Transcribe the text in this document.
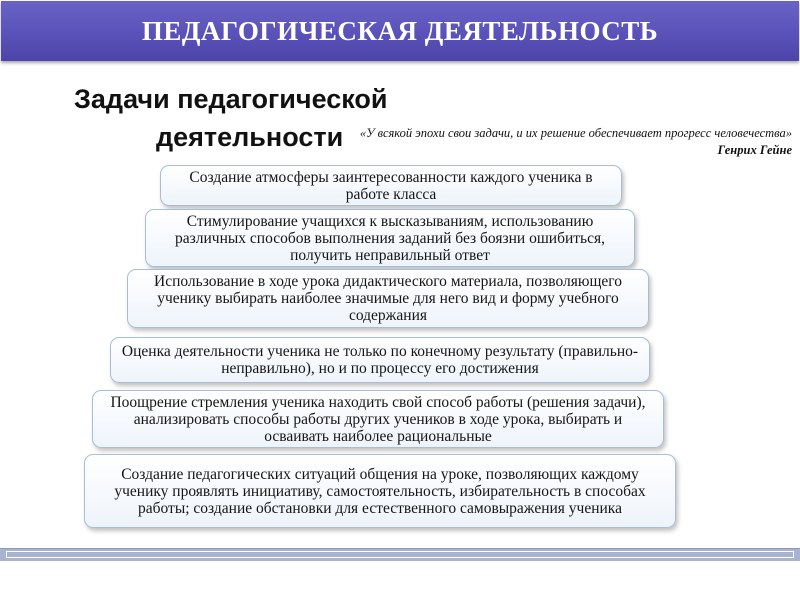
ПЕДАГОГИЧЕСКАЯ ДЕЯТЕЛЬНОСТЬ
Задачи педагогической
деятельности	«У всякой эпохи свои задачи, и их решение обеспечивает прогресс человечества»
Генрих Гейне
Создание атмосферы заинтересованности каждого ученика в работе класса
Стимулирование учащихся к высказываниям, использованию различных способов выполнения заданий без боязни ошибиться, получить неправильный ответ
Использование в ходе урока дидактического материала, позволяющего ученику выбирать наиболее значимые для него вид и форму учебного содержания
Оценка деятельности ученика не только по конечному результату (правильно-неправильно), но и по процессу его достижения
Поощрение стремления ученика находить свой способ работы (решения задачи), анализировать способы работы других учеников в ходе урока, выбирать и осваивать наиболее рациональные
Создание педагогических ситуаций общения на уроке, позволяющих каждому ученику проявлять инициативу, самостоятельность, избирательность в способах работы; создание обстановки для естественного самовыражения ученика
